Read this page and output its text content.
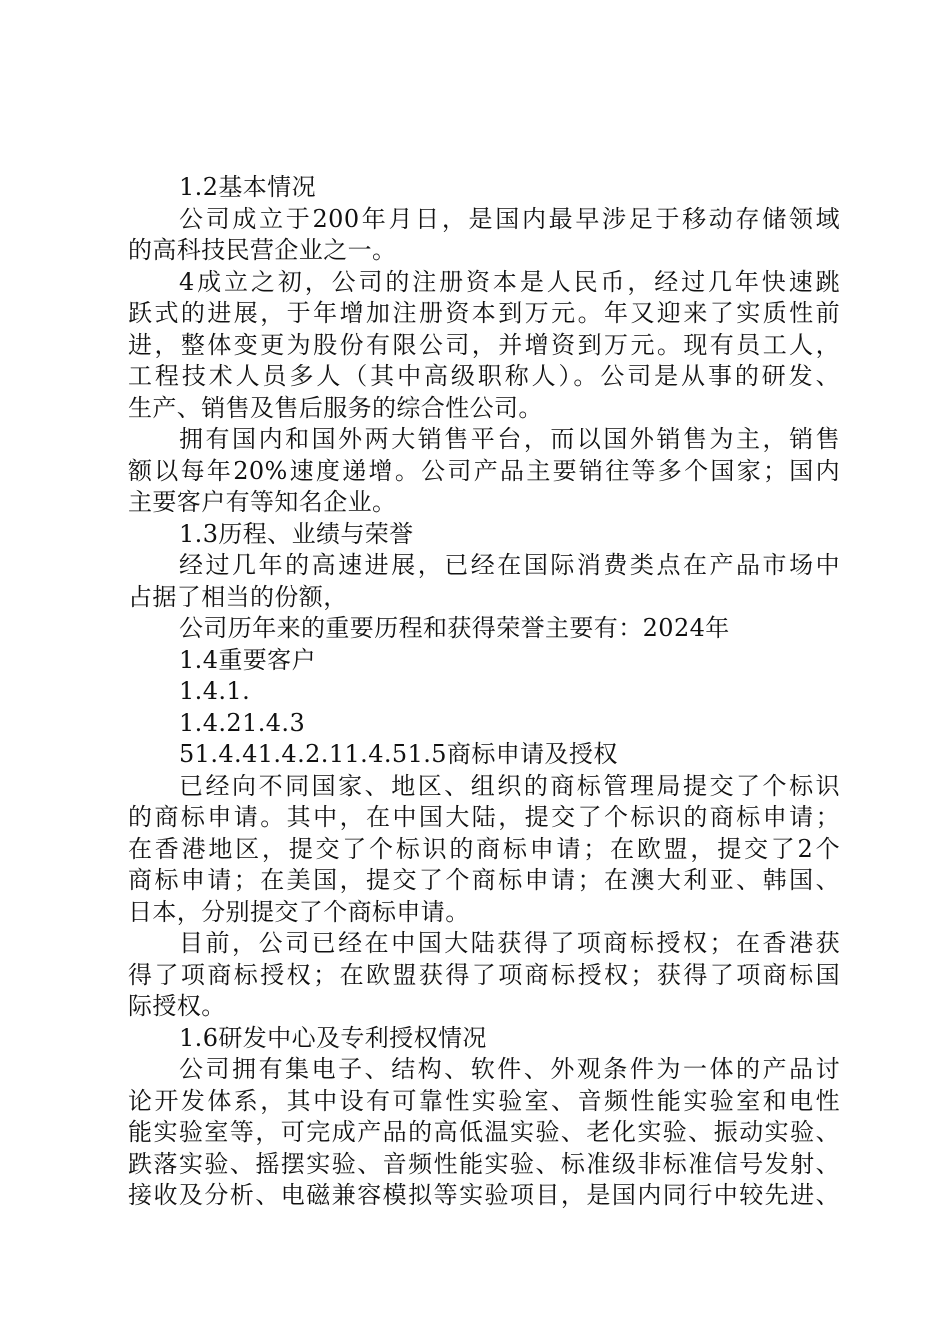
1.2基本情况
公司成立于200年月日，是国内最早涉足于移动存储领域
的高科技民营企业之一。
4成立之初，公司的注册资本是人民币，经过几年快速跳
跃式的进展，于年增加注册资本到万元。年又迎来了实质性前
进，整体变更为股份有限公司，并增资到万元。现有员工人，
工程技术人员多人（其中高级职称人）。公司是从事的研发、
生产、销售及售后服务的综合性公司。
拥有国内和国外两大销售平台，而以国外销售为主，销售
额以每年20%速度递增。公司产品主要销往等多个国家；国内
主要客户有等知名企业。
1.3历程、业绩与荣誉
经过几年的高速进展，已经在国际消费类点在产品市场中
占据了相当的份额，
公司历年来的重要历程和获得荣誉主要有：2024年
1.4重要客户
1.4.1.
1.4.21.4.3
51.4.41.4.2.11.4.51.5商标申请及授权
已经向不同国家、地区、组织的商标管理局提交了个标识
的商标申请。其中，在中国大陆，提交了个标识的商标申请；
在香港地区，提交了个标识的商标申请；在欧盟，提交了2个
商标申请；在美国，提交了个商标申请；在澳大利亚、韩国、
日本，分别提交了个商标申请。
目前，公司已经在中国大陆获得了项商标授权；在香港获
得了项商标授权；在欧盟获得了项商标授权；获得了项商标国
际授权。
1.6研发中心及专利授权情况
公司拥有集电子、结构、软件、外观条件为一体的产品讨
论开发体系，其中设有可靠性实验室、音频性能实验室和电性
能实验室等，可完成产品的高低温实验、老化实验、振动实验、
跌落实验、摇摆实验、音频性能实验、标准级非标准信号发射、
接收及分析、电磁兼容模拟等实验项目，是国内同行中较先进、
